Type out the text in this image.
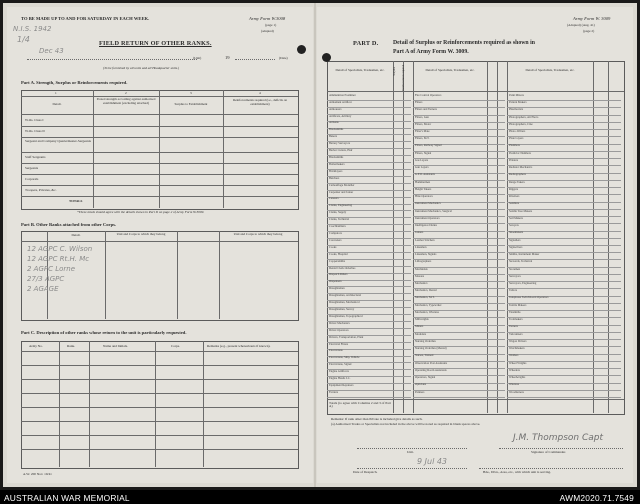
TO BE MADE UP TO AND FOR SATURDAY IN EACH WEEK.	Army Form W.3008
(page 1)
(adapted)
FIELD RETURN OF OTHER RANKS.
(Unit)	19	(Date)
(To be furnished by all units and all Headquarter units.)
Part A. Strength, Surplus or Reinforcements required.
1	2	3	4
Detail.
Posted strength according against authorised establishment (excluding attached)	Surplus to Establishment
Reinforcements required (i.e., deficits on establishment)
W.Os. Class I
W.Os. Class II
Sergeant and Company Quartermaster-Sergeants
Staff Sergeants
Sergeants
Corporals
Troopers, Privates, &c.
TOTALS
*These totals should agree with the details shown in Part D on page 2 of Army Form W.3009.
Part B. Other Ranks attached from other Corps.
Detail.	Unit and Corps to which they belong	Unit and Corps to which they belong
12 AGPC C. Wilson
12 AGPC Rt.H. Mc
2 AGPC Lorne
27/3 AGPC
2 AGAGE
Part C. Description of other ranks whose return to the unit is particularly requested.
Army No.	Rank.	Name and Initials.	Corps.	Remarks (e.g., present whereabouts if known).
A.W. 200 Nov. 19/41
N.I.S. 1942
1/4
Dec 43
Army Form W. 3009
(Adapted) (Aug. 41)
(page 2)
PART D.	Detail of Surplus or Reinforcements required as shown in
Part A of Army Form W. 3009.
Detail of Specialists, Tradesmen, etc.	Detail of Specialists, Tradesmen, etc.	Detail of Specialists, Tradesmen, etc.
Surplus	Reinforcements required
Totals (to agree with Columns 2 and 3 of Part A)
Remarks: If rank other than Private is included give details as such.
(a) Authorised Trades or Specialists not included in the above will be noted as required in blank spaces above.
Unit.	Signature of Commander.
Date of Despatch.	Bde., Divn., Area, etc., with which unit is serving.
J.M. Thompson Capt
9 Jul 43
Ammunition Examiner
Armament Artificer
Armourers
Artificers, Artillery
Artisans
Blacksmiths
Bakers
Battery Surveyors
Barber Cutters, Hair
Blacksmiths
Boilermakers
Bricklayers
Butchers
Camouflage Modeller
Carpenter and Joiner
Caterers
Clerks, Engineering
Clerks, Supply
Clerks, Technical
Coachbuilders
Computors
Concreters
Cooks
Cooks, Hospital
Coppersmiths
Dental Clerk Orderlies
Dispatch Riders
Dispensers
Draughtsmen
Draughtsmen, Architectural
Draughtsmen, Mechanical
Draughtsmen, Survey
Draughtsmen, Topographical
Driver Mechanics
Driver Operators
Drivers, Transportation, Plant
Electrical Fitters
Electricians
Electricians, Ship, Vehicle
Electricians, Signal
Engine Artificers
Engine Hands I.C.
Equipment Repairers
Farriers
Fire Control Operators
Fitters
Fitters and Turners
Fitters, Gun
Fitters, Motor
Fitter's Mate
Fitters, M.T.
Fitters, Railway Signal
Fitters, Signal
Gas Layers
Gun Layers
G.P.O. Assistants
Hammermen
Height Takers
Hide Operators
Instrument Mechanics
Instrument Mechanics, Surgical
Instrument Operators
Intelligence Duties
Joiners
Leather Stitchers
Linesmen
Linesmen, Signals
Lithographers
Machinists
Masons
Mechanics
Mechanics, Dental
Mechanics, M.T.
Mechanics, Typewriter
Mechanics, Wireless
Millwrights
Miners
Moulders
Nursing Orderlies
Nursing Orderlies (Mental)
Nurses, Trained
Observation Post Assistants
Operating Room Assistants
Operators, Signal
Opticians
Painters
Paint Mixers
Pattern Makers
Pharmacists
Photographers, Air Photo
Photographers, Cine
Photo-Writers
Plate Layers
Plumbers
Predictor Numbers
Printers
Radiator Mechanics
Radiographers
Range Takers
Riggers
Rivetters
Saddlers
Saddle Tree Makers
Sail Makers
Sawyers
Shoemakers
Signallers
Signwriters
Smiths, Instrument Maker
Stewards, Technical
Storemen
Surveyors
Surveyors, Engineering
Tailors
Telephone Switchboard Operators
Textile Makers
Tinsmiths
Toolmakers
Turners
Vulcanizers
Wagon Drivers
Watchmakers
Welders
Wheel Wrights
Wheelers
Wheelwrights
Wireless
Woodturners
AUSTRALIAN WAR MEMORIAL	AWM2020.71.7549
